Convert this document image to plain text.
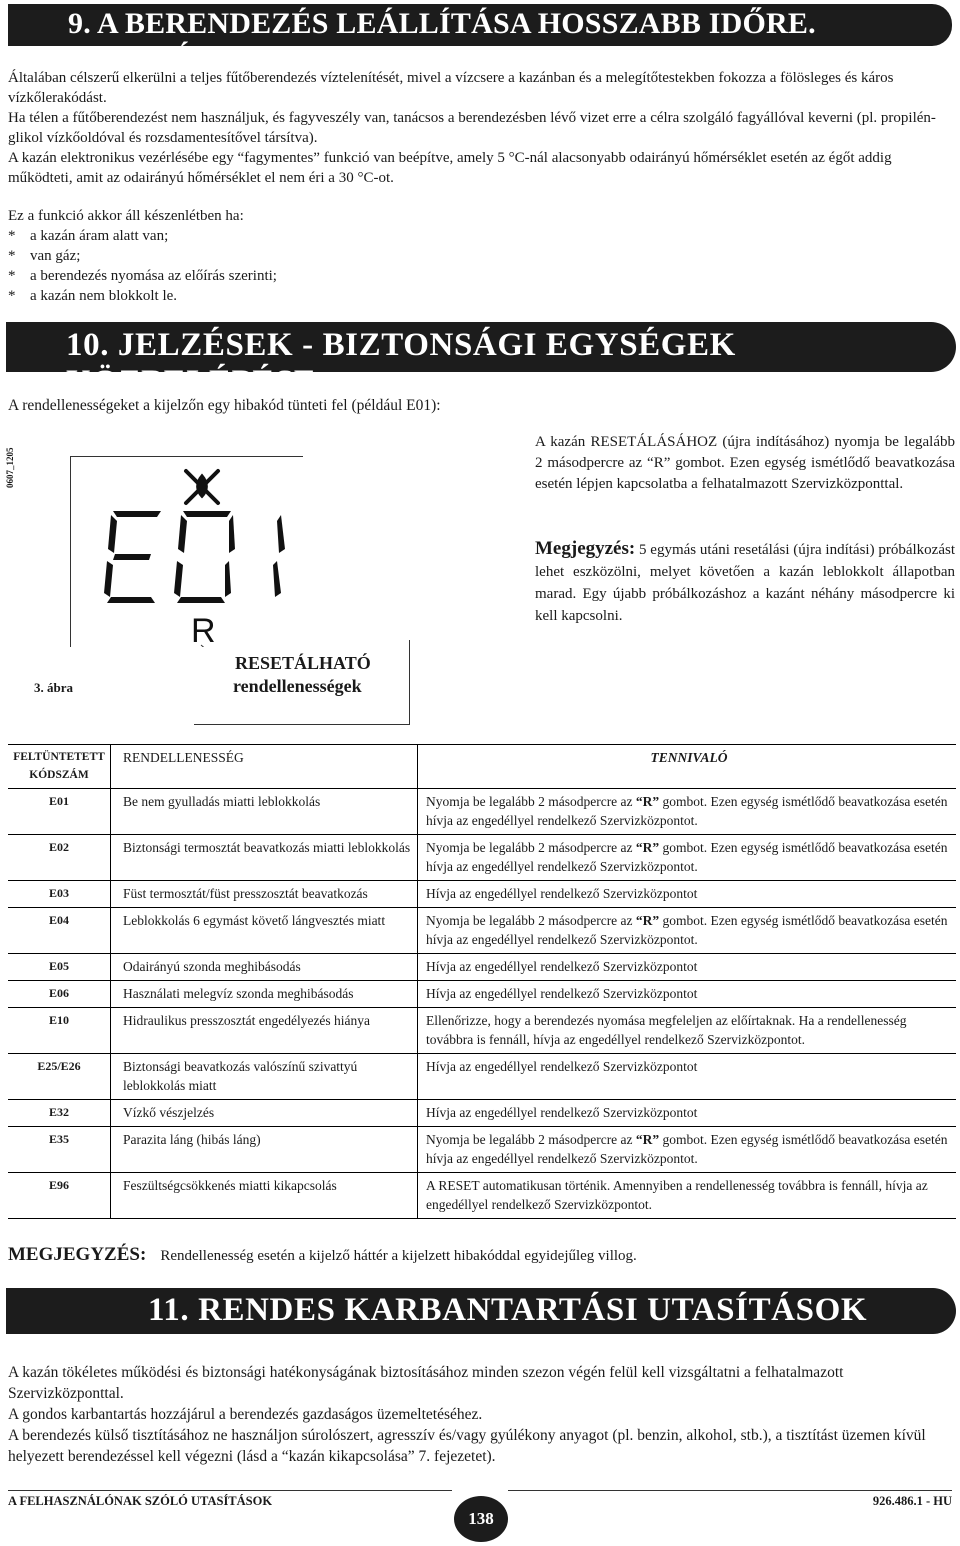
9. A BERENDEZÉS LEÁLLÍTÁSA HOSSZABB IDŐRE. FAGYVÉDELEM

Általában célszerű elkerülni a teljes fűtőberendezés víztelenítését, mivel a vízcsere a kazánban és a melegítőtestekben fokozza a fölösleges és káros vízkőlerakódást.

Ha télen a fűtőberendezést nem használjuk, és fagyveszély van, tanácsos a berendezésben lévő vizet erre a célra szolgáló fagyállóval keverni (pl. propilén-glikol vízkőoldóval és rozsdamentesítővel társítva).

A kazán elektronikus vezérlésébe egy “fagymentes” funkció van beépítve, amely 5 °C-nál alacsonyabb odairányú hőmérséklet esetén az égőt addig működteti, amit az odairányú hőmérséklet el nem éri a 30 °C-ot.

Ez a funkció akkor áll készenlétben ha:

* a kazán áram alatt van;
* van gáz;
* a berendezés nyomása az előírás szerinti;
* a kazán nem blokkolt le.
10. JELZÉSEK - BIZTONSÁGI EGYSÉGEK KÖZBELÉPÉSE
A rendellenességeket a kijelzőn egy hibakód tünteti fel (például E01):
0607_1205
R
3. ábra
RESETÁLHATÓ
rendellenességek

A kazán RESETÁLÁSÁHOZ (újra indításához) nyomja be legalább 2 másodpercre az “R” gombot. Ezen egység ismétlődő beavatkozása esetén lépjen kapcsolatba a felhatalmazott Szervizközponttal.

Megjegyzés: 5 egymás utáni resetálási (újra indítási) próbálkozást lehet eszközölni, melyet követően a kazán leblokkolt állapotban marad. Egy újabb próbálkozáshoz a kazánt néhány másodpercre ki kell kapcsolni.

FELTÜNTETETT KÓDSZÁM	RENDELLENESSÉG	TENNIVALÓ
E01	Be nem gyulladás miatti leblokkolás	Nyomja be legalább 2 másodpercre az “R” gombot. Ezen egység ismétlődő beavatkozása esetén hívja az engedéllyel rendelkező Szervizközpontot.
E02	Biztonsági termosztát beavatkozás miatti leblokkolás	Nyomja be legalább 2 másodpercre az “R” gombot. Ezen egység ismétlődő beavatkozása esetén hívja az engedéllyel rendelkező Szervizközpontot.
E03	Füst termosztát/füst presszosztát beavatkozás	Hívja az engedéllyel rendelkező Szervizközpontot
E04	Leblokkolás 6 egymást követő lángvesztés miatt	Nyomja be legalább 2 másodpercre az “R” gombot. Ezen egység ismétlődő beavatkozása esetén hívja az engedéllyel rendelkező Szervizközpontot.
E05	Odairányú szonda meghibásodás	Hívja az engedéllyel rendelkező Szervizközpontot
E06	Használati melegvíz szonda meghibásodás	Hívja az engedéllyel rendelkező Szervizközpontot
E10	Hidraulikus presszosztát engedélyezés hiánya	Ellenőrizze, hogy a berendezés nyomása megfeleljen az előírtaknak. Ha a rendellenesség továbbra is fennáll, hívja az engedéllyel rendelkező Szervizközpontot.
E25/E26	Biztonsági beavatkozás valószínű szivattyú leblokkolás miatt	Hívja az engedéllyel rendelkező Szervizközpontot
E32	Vízkő vészjelzés	Hívja az engedéllyel rendelkező Szervizközpontot
E35	Parazita láng (hibás láng)	Nyomja be legalább 2 másodpercre az “R” gombot. Ezen egység ismétlődő beavatkozása esetén hívja az engedéllyel rendelkező Szervizközpontot.
E96	Feszültségcsökkenés miatti kikapcsolás	A RESET automatikusan történik. Amennyiben a rendellenesség továbbra is fennáll, hívja az engedéllyel rendelkező Szervizközpontot.
MEGJEGYZÉS: Rendellenesség esetén a kijelző háttér a kijelzett hibakóddal egyidejűleg villog.
11. RENDES KARBANTARTÁSI UTASÍTÁSOK

A kazán tökéletes működési és biztonsági hatékonyságának biztosításához minden szezon végén felül kell vizsgáltatni a felhatalmazott Szervizközponttal.

A gondos karbantartás hozzájárul a berendezés gazdaságos üzemeltetéséhez.

A berendezés külső tisztításához ne használjon súrolószert, agresszív és/vagy gyúlékony anyagot (pl. benzin, alkohol, stb.), a tisztítást üzemen kívül helyezett berendezéssel kell végezni (lásd a “kazán kikapcsolása” 7. fejezetet).

A FELHASZNÁLÓNAK SZÓLÓ UTASÍTÁSOK
138
926.486.1 - HU
